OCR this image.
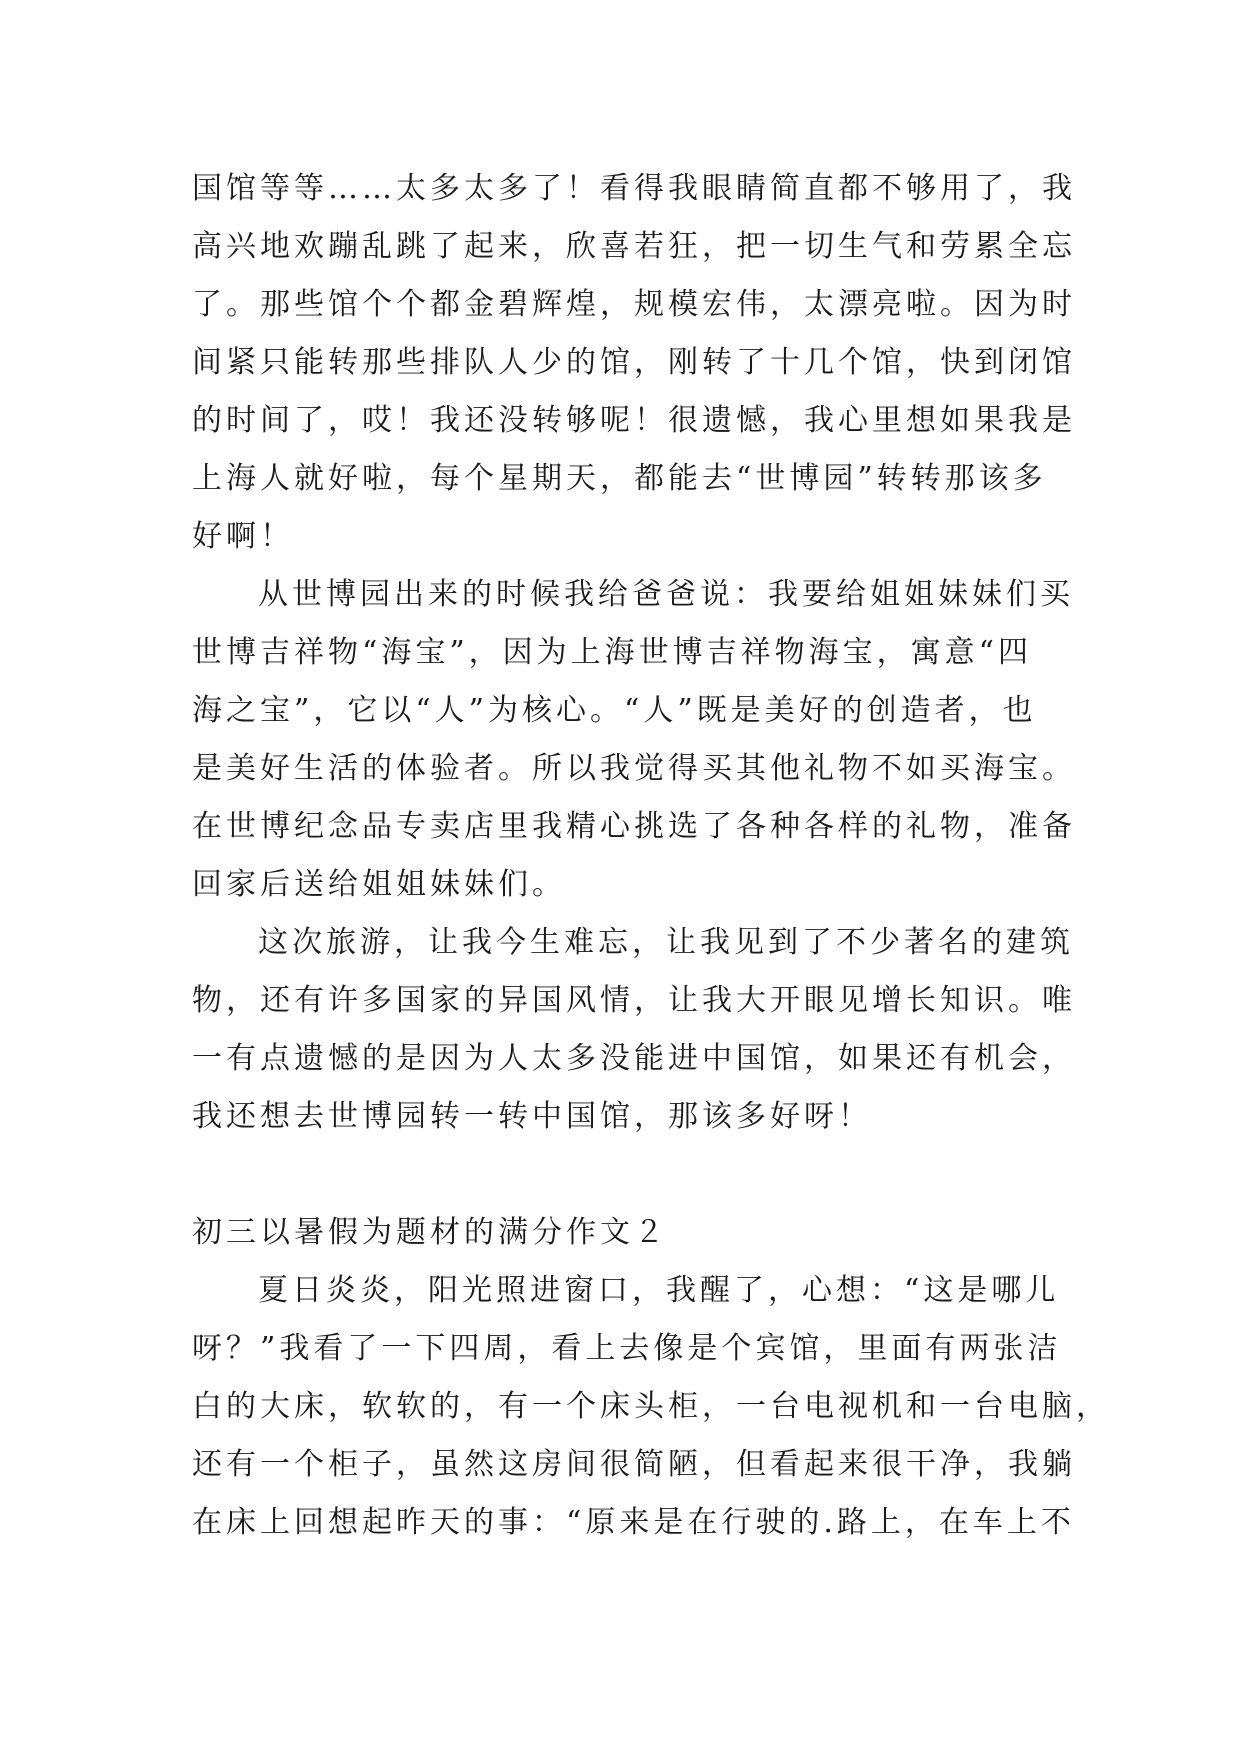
国馆等等……太多太多了！看得我眼睛简直都不够用了，我
高兴地欢蹦乱跳了起来，欣喜若狂，把一切生气和劳累全忘
了。那些馆个个都金碧辉煌，规模宏伟，太漂亮啦。因为时
间紧只能转那些排队人少的馆，刚转了十几个馆，快到闭馆
的时间了，哎！我还没转够呢！很遗憾，我心里想如果我是
上海人就好啦，每个星期天，都能去“世博园”转转那该多
好啊！
从世博园出来的时候我给爸爸说：我要给姐姐妹妹们买
世博吉祥物“海宝”，因为上海世博吉祥物海宝，寓意“四
海之宝”，它以“人”为核心。“人”既是美好的创造者，也
是美好生活的体验者。所以我觉得买其他礼物不如买海宝。
在世博纪念品专卖店里我精心挑选了各种各样的礼物，准备
回家后送给姐姐妹妹们。
这次旅游，让我今生难忘，让我见到了不少著名的建筑
物，还有许多国家的异国风情，让我大开眼见增长知识。唯
一有点遗憾的是因为人太多没能进中国馆，如果还有机会，
我还想去世博园转一转中国馆，那该多好呀！
初三以暑假为题材的满分作文２
夏日炎炎，阳光照进窗口，我醒了，心想：“这是哪儿
呀？”我看了一下四周，看上去像是个宾馆，里面有两张洁
白的大床，软软的，有一个床头柜，一台电视机和一台电脑，
还有一个柜子，虽然这房间很简陋，但看起来很干净，我躺
在床上回想起昨天的事：“原来是在行驶的.路上，在车上不
